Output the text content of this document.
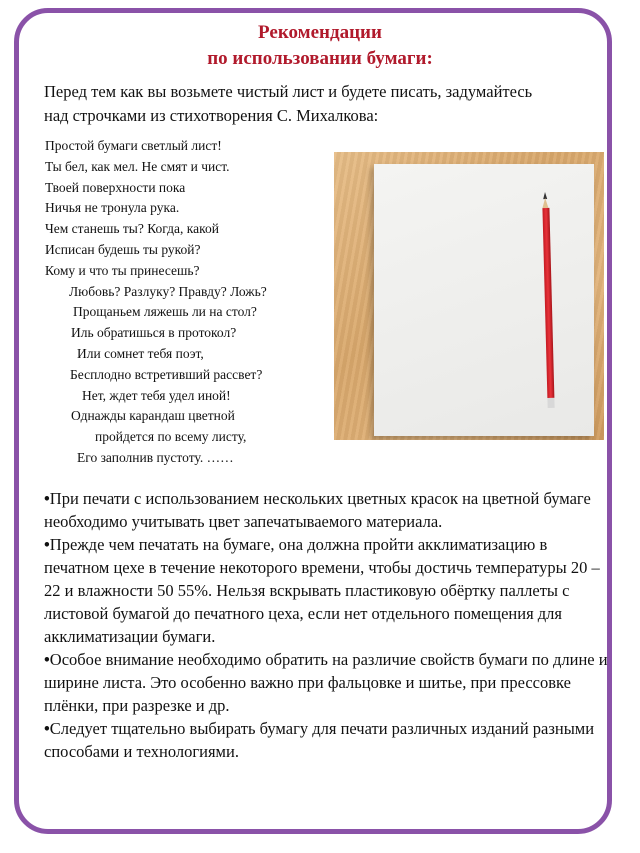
Рекомендации
по использовании бумаги:
Перед тем как вы возьмете чистый лист и будете писать, задумайтесь
над строчками из стихотворения С. Михалкова:
Простой бумаги светлый лист!
Ты бел, как мел. Не смят и чист.
Твоей поверхности пока
Ничья не тронула рука.
Чем станешь ты? Когда, какой
Исписан будешь ты рукой?
Кому и что ты принесешь?
Любовь? Разлуку? Правду? Ложь?
Прощаньем ляжешь ли на стол?
Иль обратишься в протокол?
Или сомнет тебя поэт,
Бесплодно встретивший рассвет?
Нет, ждет тебя удел иной!
Однажды карандаш цветной
пройдется по всему листу,
Его заполнив пустоту. ……

•При печати с использованием нескольких цветных красок на цветной бумаге необходимо учитывать цвет запечатываемого материала.

•Прежде чем печатать на бумаге, она должна пройти акклиматизацию в печатном цехе в течение некоторого времени, чтобы достичь температуры 20 – 22 и влажности 50 55%. Нельзя вскрывать пластиковую обёртку паллеты с листовой бумагой до печатного цеха, если нет отдельного помещения для акклиматизации бумаги.

•Особое внимание необходимо обратить на различие свойств бумаги по длине и ширине листа. Это особенно важно при фальцовке и шитье, при прессовке плёнки, при разрезке и др.

•Следует тщательно выбирать бумагу для печати различных изданий разными способами и технологиями.
